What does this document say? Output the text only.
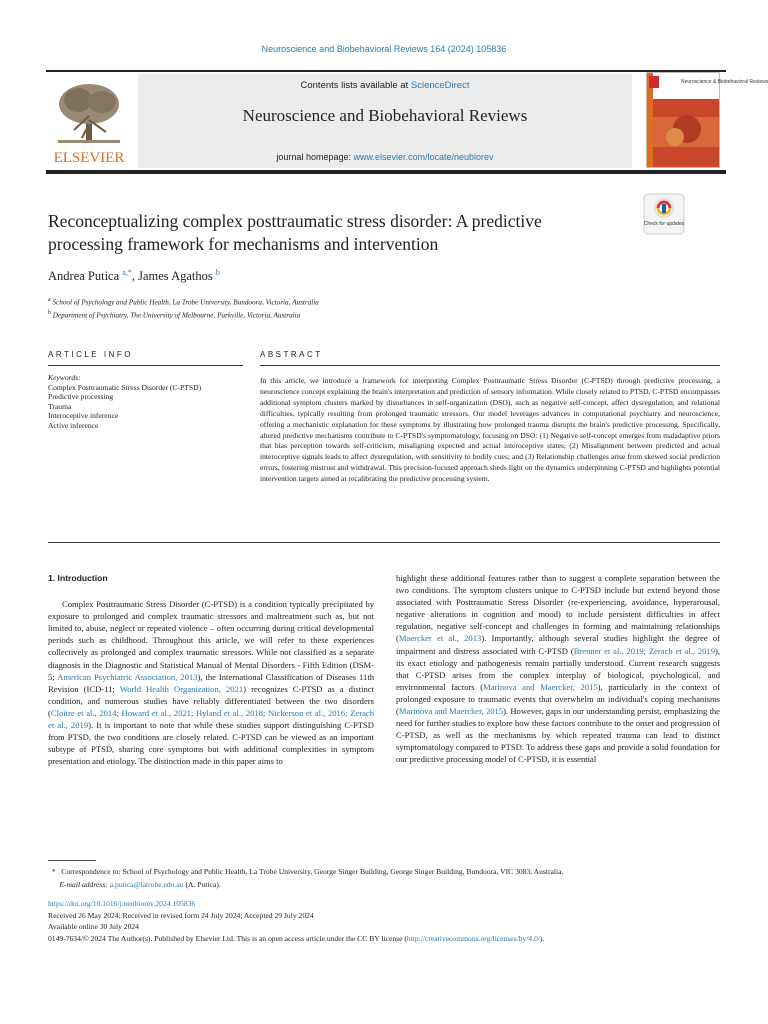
Neuroscience and Biobehavioral Reviews 164 (2024) 105836
ELSEVIER
Contents lists available at ScienceDirect
Neuroscience and Biobehavioral Reviews
journal homepage: www.elsevier.com/locate/neubiorev
Neuroscience & Biobehavioral Reviews
Reconceptualizing complex posttraumatic stress disorder: A predictive processing framework for mechanisms and intervention
Check for updates
Andrea Putica $^{a,*}$, James Agathos $^b$
$^a$ School of Psychology and Public Health, La Trobe University, Bundoora, Victoria, Australia
$^b$ Department of Psychiatry, The University of Melbourne, Parkville, Victoria, Australia
ARTICLE INFO	ABSTRACT
Keywords:
Complex Posttraumatic Stress Disorder (C-PTSD)
Predictive processing
Trauma
Interoceptive inference
Active inference
In this article, we introduce a framework for interpreting Complex Posttraumatic Stress Disorder (C-PTSD) through predictive processing, a neuroscience concept explaining the brain's interpretation and prediction of sensory information. While closely related to PTSD, C-PTSD encompasses additional symptom clusters marked by disturbances in self-organization (DSO), such as negative self-concept, affect dysregulation, and relational difficulties, typically resulting from prolonged traumatic stressors. Our model leverages advances in computational psychiatry and neuroscience, offering a mechanistic explanation for these symptoms by illustrating how prolonged trauma disrupts the brain's predictive processing. Specifically, altered predictive mechanisms contribute to C-PTSD's symptomatology, focusing on DSO: (1) Negative self-concept emerges from maladaptive priors that bias perception towards self-criticism, misaligning expected and actual interoceptive states; (2) Misalignment between predicted and actual interoceptive signals leads to affect dysregulation, with sensitivity to bodily cues; and (3) Relationship challenges arise from skewed social prediction errors, fostering mistrust and withdrawal. This precision-focused approach sheds light on the dynamics underpinning C-PTSD and highlights potential intervention targets aimed at recalibrating the predictive processing system.
1. Introduction

Complex Posttraumatic Stress Disorder (C-PTSD) is a condition typically precipitated by exposure to prolonged and complex traumatic stressors and maltreatment such as, but not limited to, abuse, neglect or repeated violence – often occurring during critical developmental periods such as childhood. Throughout this article, we will refer to these experiences collectively as prolonged and complex traumatic stressors. While not classified as a separate diagnosis in the Diagnostic and Statistical Manual of Mental Disorders - Fifth Edition (DSM-5; American Psychiatric Association, 2013), the International Classification of Diseases 11th Revision (ICD-11; World Health Organization, 2021) recognizes C-PTSD as a distinct condition, and numerous studies have reliably differentiated between the two disorders (Cloitre et al., 2014; Howard et al., 2021; Hyland et al., 2018; Nickerson et al., 2016; Zerach et al., 2019). It is important to note that while these studies support distinguishing C-PTSD from PTSD, the two conditions are closely related. C-PTSD can be viewed as an important subtype of PTSD, sharing core symptoms but with additional complexities in symptom presentation and etiology. The distinction made in this paper aims to

highlight these additional features rather than to suggest a complete separation between the two conditions. The symptom clusters unique to C-PTSD include but extend beyond those associated with Posttraumatic Stress Disorder (re-experiencing, avoidance, hyperarousal, negative alterations in cognition and mood) to include persistent difficulties in affect regulation, negative self-concept and challenges in forming and maintaining relationships (Maercker et al., 2013). Importantly, although several studies highlight the degree of impairment and distress associated with C-PTSD (Brenner et al., 2019; Zerach et al., 2019), its exact etiology and pathogenesis remain partially understood. Current research suggests that C-PTSD arises from the complex interplay of biological, psychological, and environmental factors (Marinova and Maercker, 2015), particularly in the context of prolonged exposure to traumatic events that overwhelm an individual's coping mechanisms (Marinova and Maercker, 2015). However, gaps in our understanding persist, emphasizing the need for further studies to explore how these factors contribute to the onset and progression of C-PTSD, as well as the mechanisms by which repeated trauma can lead to distinct symptomatology compared to PTSD. To address these gaps and provide a solid foundation for our predictive processing model of C-PTSD, it is essential

* Correspondence to: School of Psychology and Public Health, La Trobe University, George Singer Building, George Singer Building, Bundoora, VIC 3083, Australia.
E-mail address: a.putica@latrobe.edu.au (A. Putica).
https://doi.org/10.1016/j.neubiorev.2024.105836
Received 26 May 2024; Received in revised form 24 July 2024; Accepted 29 July 2024
Available online 30 July 2024
0149-7634/© 2024 The Author(s). Published by Elsevier Ltd. This is an open access article under the CC BY license (http://creativecommons.org/licenses/by/4.0/).
